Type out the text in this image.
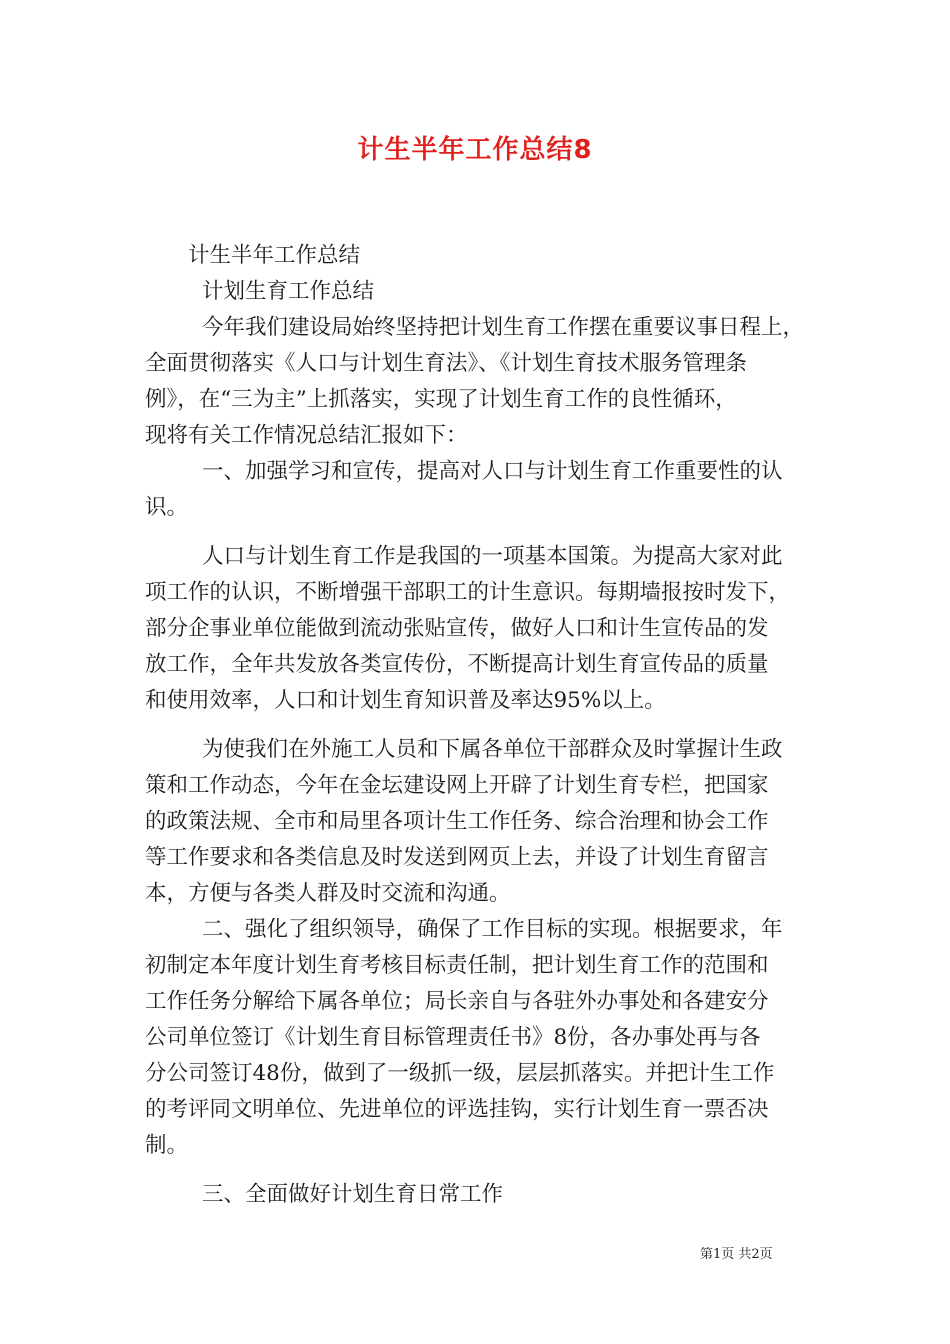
计生半年工作总结8

计生半年工作总结

计划生育工作总结

今年我们建设局始终坚持把计划生育工作摆在重要议事日程上，

全面贯彻落实《人口与计划生育法》、《计划生育技术服务管理条

例》，在“三为主”上抓落实，实现了计划生育工作的良性循环，

现将有关工作情况总结汇报如下：

一、加强学习和宣传，提高对人口与计划生育工作重要性的认

识。

人口与计划生育工作是我国的一项基本国策。为提高大家对此

项工作的认识，不断增强干部职工的计生意识。每期墙报按时发下，

部分企事业单位能做到流动张贴宣传，做好人口和计生宣传品的发

放工作，全年共发放各类宣传份，不断提高计划生育宣传品的质量

和使用效率，人口和计划生育知识普及率达95%以上。

为使我们在外施工人员和下属各单位干部群众及时掌握计生政

策和工作动态，今年在金坛建设网上开辟了计划生育专栏，把国家

的政策法规、全市和局里各项计生工作任务、综合治理和协会工作

等工作要求和各类信息及时发送到网页上去，并设了计划生育留言

本，方便与各类人群及时交流和沟通。

二、强化了组织领导，确保了工作目标的实现。根据要求，年

初制定本年度计划生育考核目标责任制，把计划生育工作的范围和

工作任务分解给下属各单位；局长亲自与各驻外办事处和各建安分

公司单位签订《计划生育目标管理责任书》8份，各办事处再与各

分公司签订48份，做到了一级抓一级，层层抓落实。并把计生工作

的考评同文明单位、先进单位的评选挂钩，实行计划生育一票否决

制。

三、全面做好计划生育日常工作

第1页 共2页
